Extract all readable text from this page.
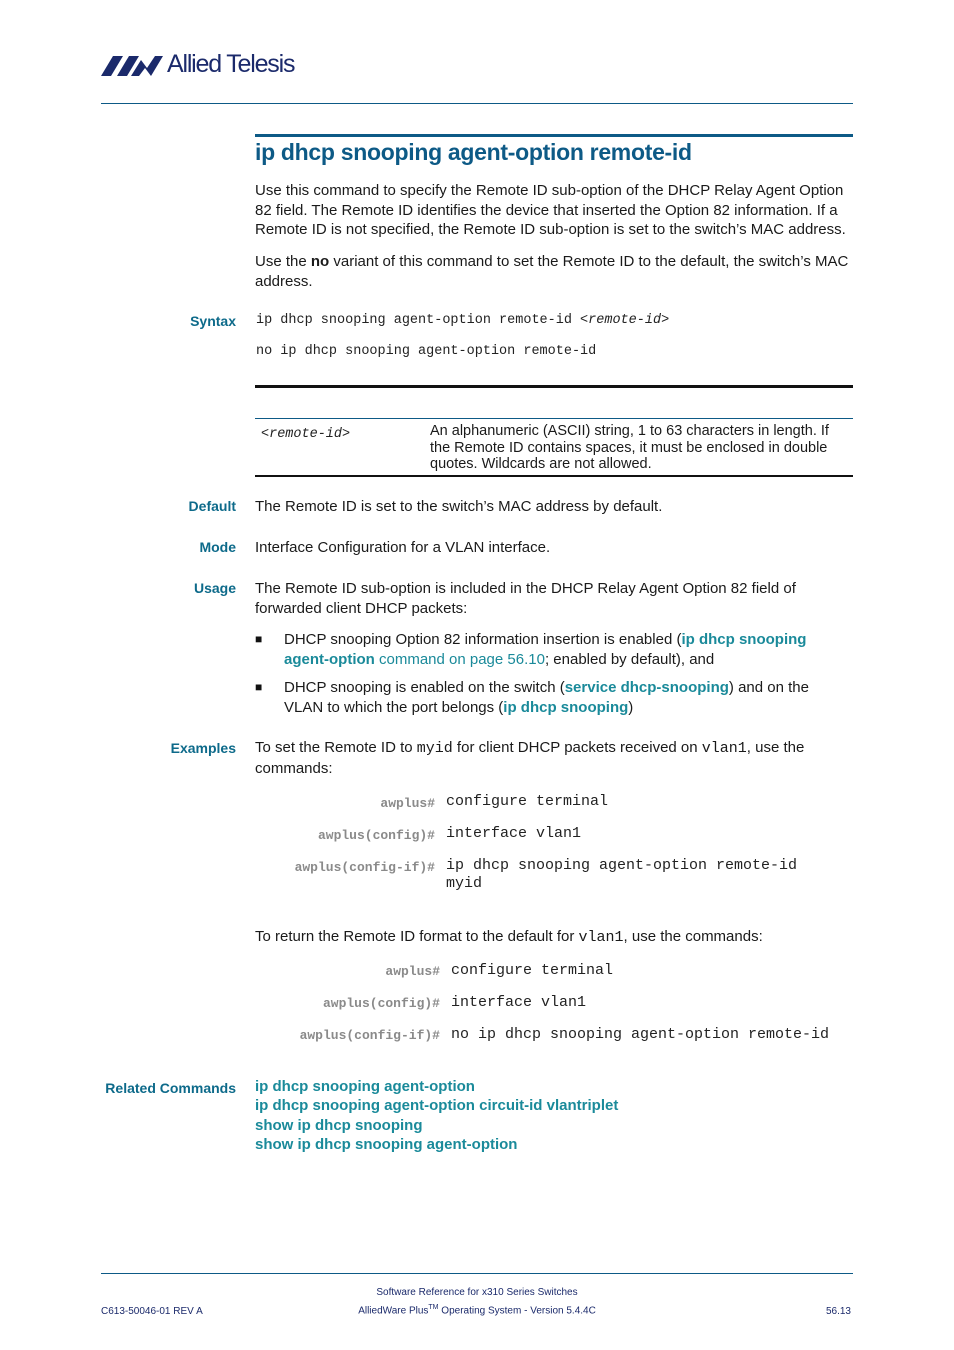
Allied Telesis
ip dhcp snooping agent-option remote-id
Use this command to specify the Remote ID sub-option of the DHCP Relay Agent Option 82 field. The Remote ID identifies the device that inserted the Option 82 information. If a Remote ID is not specified, the Remote ID sub-option is set to the switch’s MAC address.
Use the no variant of this command to set the Remote ID to the default, the switch’s MAC address.
Syntax ip dhcp snooping agent-option remote-id <remote-id>
no ip dhcp snooping agent-option remote-id
<remote-id>	An alphanumeric (ASCII) string, 1 to 63 characters in length. If the Remote ID contains spaces, it must be enclosed in double quotes. Wildcards are not allowed.
Default The Remote ID is set to the switch’s MAC address by default.
Mode Interface Configuration for a VLAN interface.
Usage The Remote ID sub-option is included in the DHCP Relay Agent Option 82 field of forwarded client DHCP packets:
■ DHCP snooping Option 82 information insertion is enabled (ip dhcp snooping agent-option command on page 56.10; enabled by default), and
■ DHCP snooping is enabled on the switch (service dhcp-snooping) and on the VLAN to which the port belongs (ip dhcp snooping)
Examples To set the Remote ID to myid for client DHCP packets received on vlan1, use the commands:
awplus# configure terminal
awplus(config)# interface vlan1
awplus(config-if)# ip dhcp snooping agent-option remote-id
myid
To return the Remote ID format to the default for vlan1, use the commands:
awplus# configure terminal
awplus(config)# interface vlan1
awplus(config-if)# no ip dhcp snooping agent-option remote-id
Related Commands ip dhcp snooping agent-option
ip dhcp snooping agent-option circuit-id vlantriplet
show ip dhcp snooping
show ip dhcp snooping agent-option
Software Reference for x310 Series Switches
AlliedWare Plus™ Operating System - Version 5.4.4C
C613-50046-01 REV A	56.13
